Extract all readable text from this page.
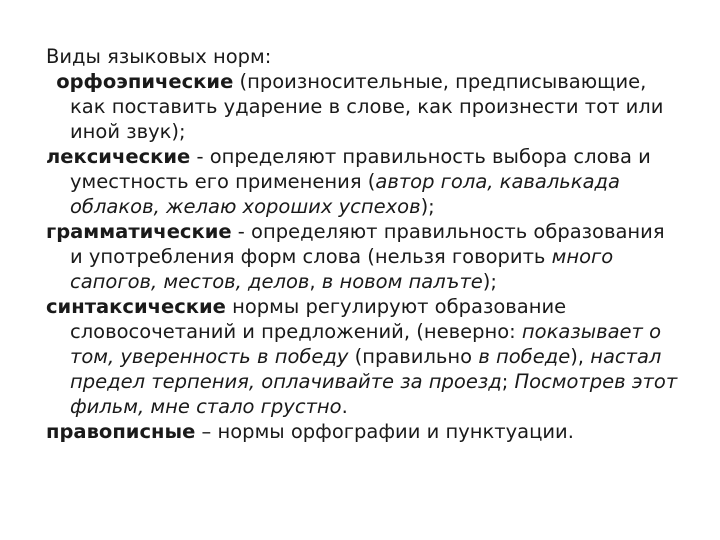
Виды языковых норм:

орфоэпические (произносительные, предписывающие, как поставить ударение в слове, как произнести тот или иной звук);

лексические - определяют правильность выбора слова и уместность его применения (автор гола, кавалькада облаков, желаю хороших успехов);

грамматические - определяют правильность образования и употребления форм слова (нельзя говорить много сапогов, местов, делов, в новом палъте);

синтаксические нормы регулируют образование словосочетаний и предложений, (неверно: показывает о том, уверенность в победу (правильно в победе), настал предел терпения, оплачивайте за проезд; Посмотрев этот фильм, мне стало грустно.

правописные – нормы орфографии и пунктуации.
